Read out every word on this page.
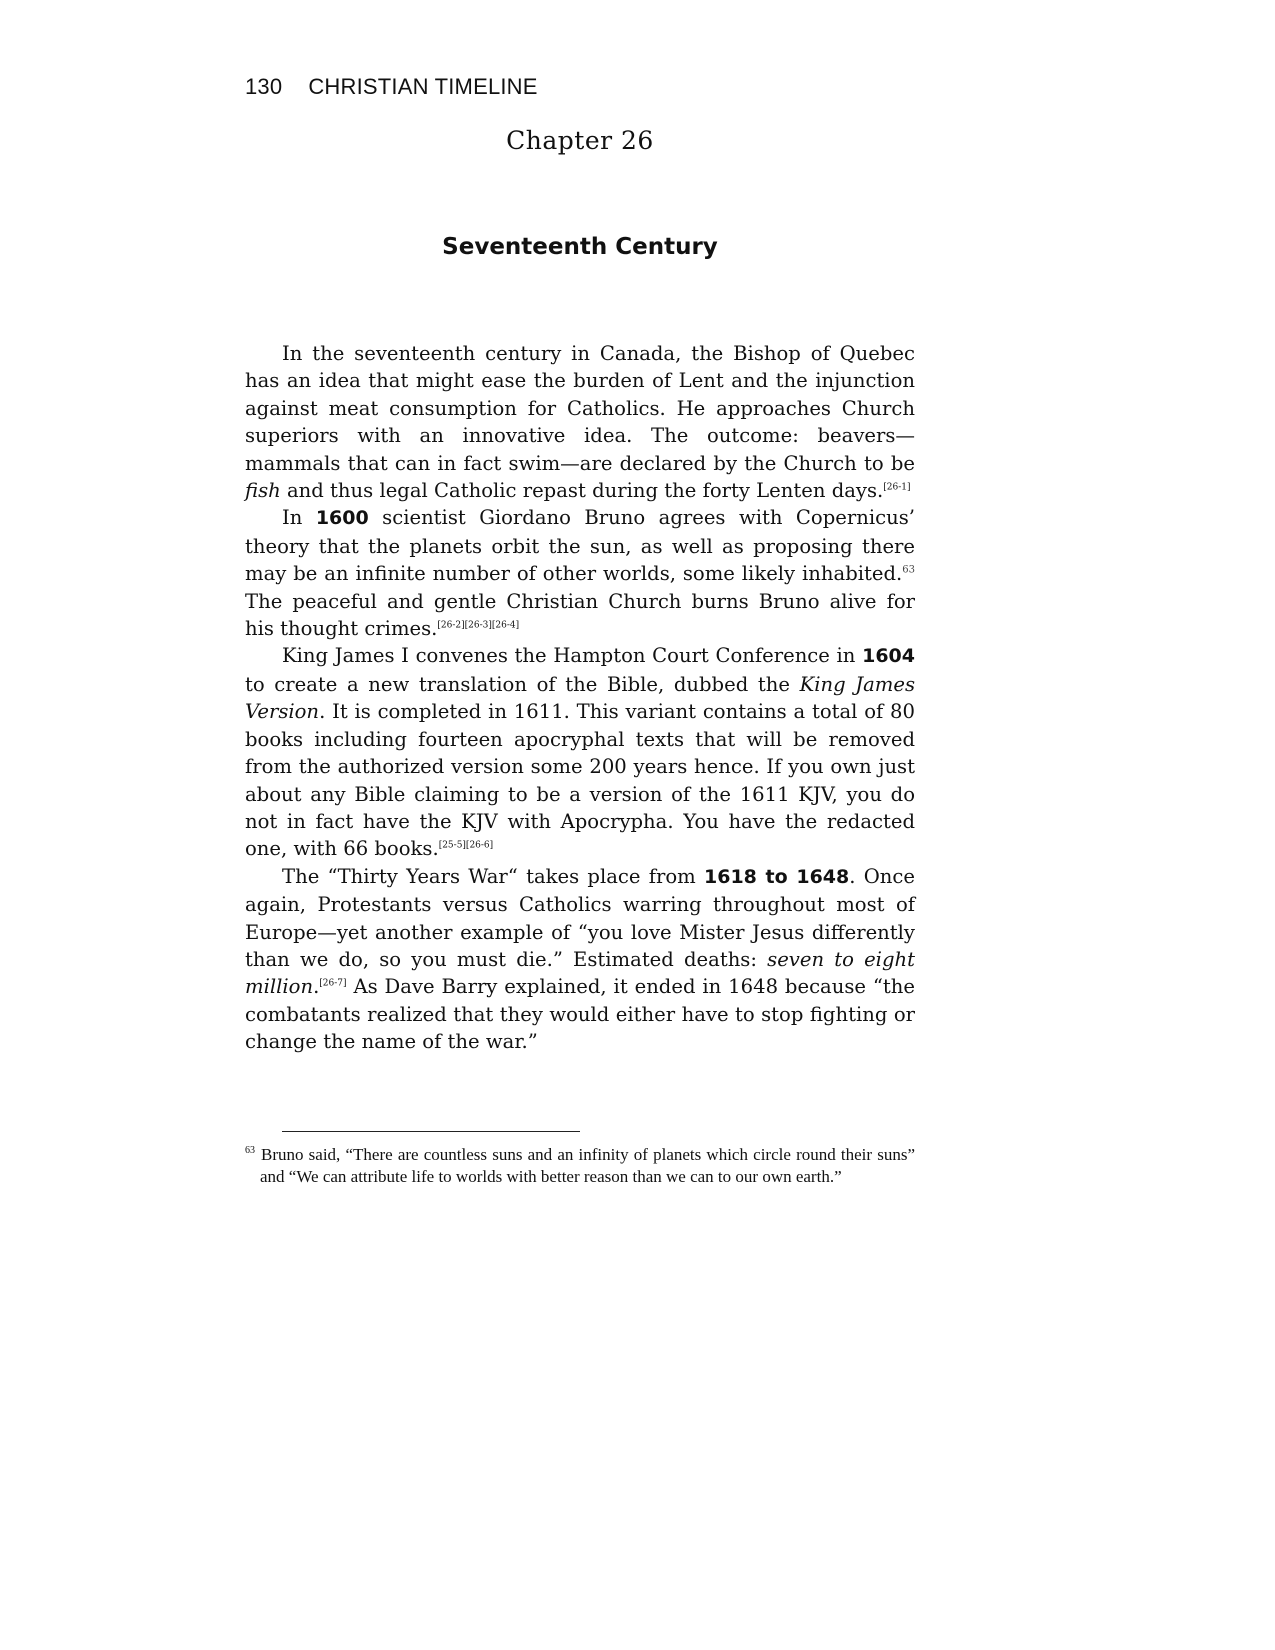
130 CHRISTIAN TIMELINE
Chapter 26
Seventeenth Century

In the seventeenth century in Canada, the Bishop of Quebec has an idea that might ease the burden of Lent and the injunction against meat consumption for Catholics. He approaches Church superiors with an innovative idea. The outcome: beavers—mammals that can in fact swim—are declared by the Church to be fish and thus legal Catholic repast during the forty Lenten days.[26-1]

In 1600 scientist Giordano Bruno agrees with Copernicus’ theory that the planets orbit the sun, as well as proposing there may be an infinite number of other worlds, some likely inhabited.$^{63}$ The peaceful and gentle Christian Church burns Bruno alive for his thought crimes.[26-2][26-3][26-4]

King James I convenes the Hampton Court Conference in 1604 to create a new translation of the Bible, dubbed the King James Version. It is completed in 1611. This variant contains a total of 80 books including fourteen apocryphal texts that will be removed from the authorized version some 200 years hence. If you own just about any Bible claiming to be a version of the 1611 KJV, you do not in fact have the KJV with Apocrypha. You have the redacted one, with 66 books.[25-5][26-6]

The “Thirty Years War“ takes place from 1618 to 1648. Once again, Protestants versus Catholics warring throughout most of Europe—yet another example of “you love Mister Jesus differently than we do, so you must die.” Estimated deaths: seven to eight million.[26-7] As Dave Barry explained, it ended in 1648 because “the combatants realized that they would either have to stop fighting or change the name of the war.”

$^{63}$ Bruno said, “There are countless suns and an infinity of planets which circle round their suns” and “We can attribute life to worlds with better reason than we can to our own earth.”
